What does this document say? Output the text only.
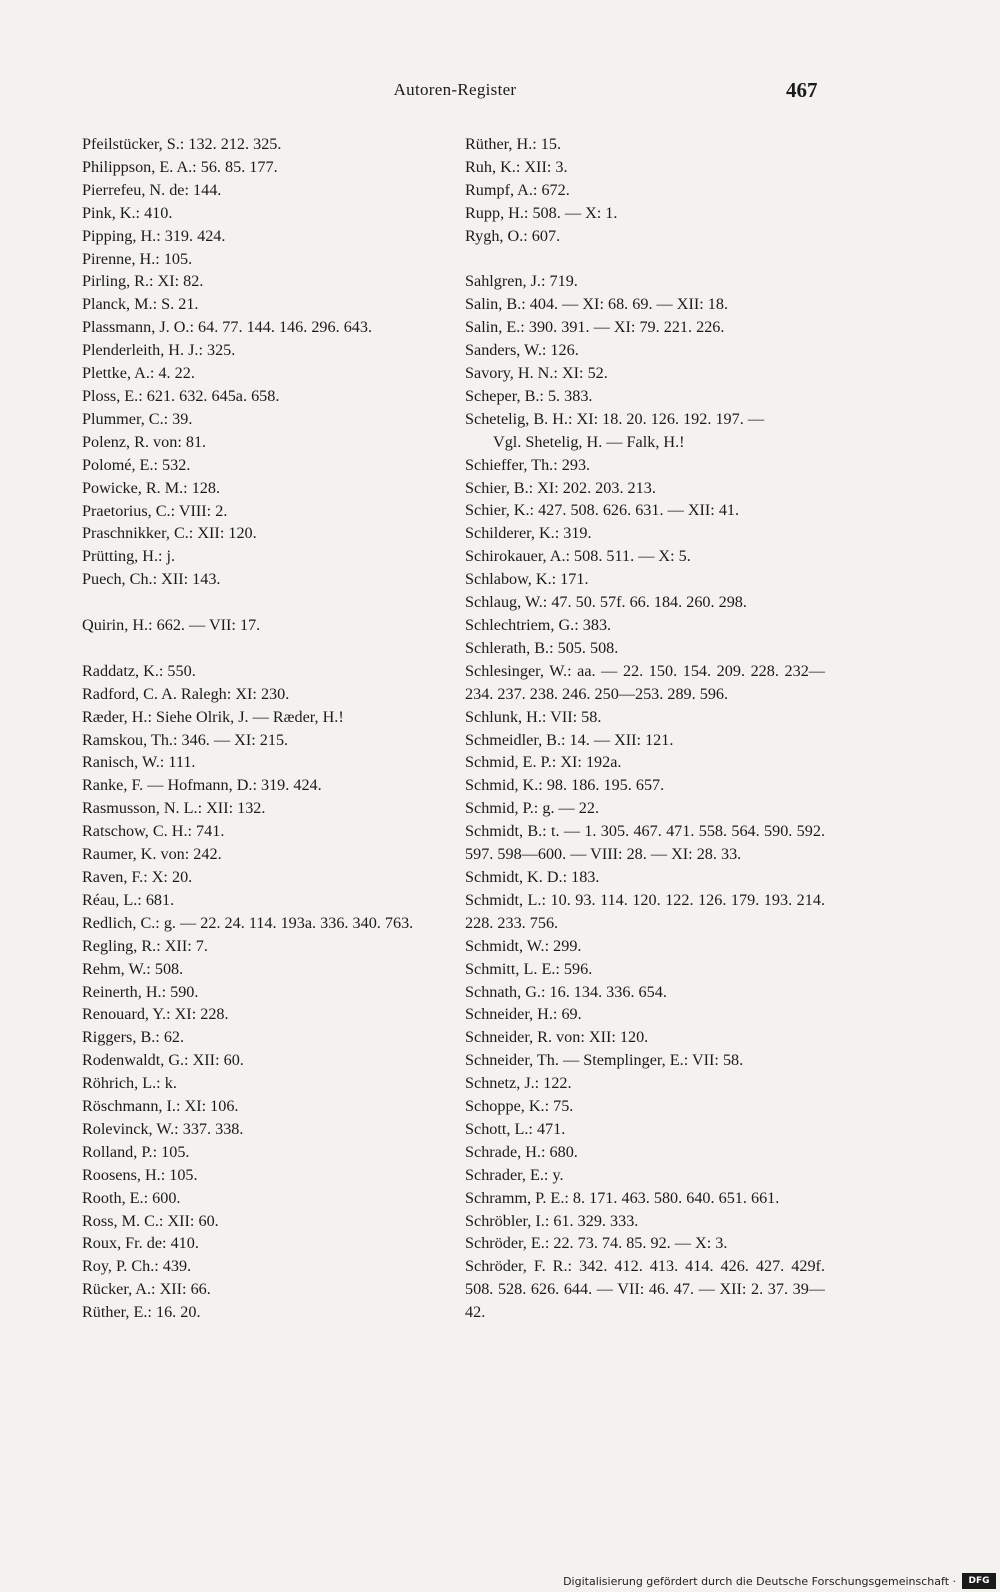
Autoren-Register	467
Pfeilstücker, S.: 132. 212. 325.
Philippson, E. A.: 56. 85. 177.
Pierrefeu, N. de: 144.
Pink, K.: 410.
Pipping, H.: 319. 424.
Pirenne, H.: 105.
Pirling, R.: XI: 82.
Planck, M.: S. 21.
Plassmann, J. O.: 64. 77. 144. 146. 296. 643.
Plenderleith, H. J.: 325.
Plettke, A.: 4. 22.
Ploss, E.: 621. 632. 645a. 658.
Plummer, C.: 39.
Polenz, R. von: 81.
Polomé, E.: 532.
Powicke, R. M.: 128.
Praetorius, C.: VIII: 2.
Praschnikker, C.: XII: 120.
Prütting, H.: j.
Puech, Ch.: XII: 143.
Quirin, H.: 662. — VII: 17.
Raddatz, K.: 550.
Radford, C. A. Ralegh: XI: 230.
Ræder, H.: Siehe Olrik, J. — Ræder, H.!
Ramskou, Th.: 346. — XI: 215.
Ranisch, W.: 111.
Ranke, F. — Hofmann, D.: 319. 424.
Rasmusson, N. L.: XII: 132.
Ratschow, C. H.: 741.
Raumer, K. von: 242.
Raven, F.: X: 20.
Réau, L.: 681.
Redlich, C.: g. — 22. 24. 114. 193a. 336. 340. 763.
Regling, R.: XII: 7.
Rehm, W.: 508.
Reinerth, H.: 590.
Renouard, Y.: XI: 228.
Riggers, B.: 62.
Rodenwaldt, G.: XII: 60.
Röhrich, L.: k.
Röschmann, I.: XI: 106.
Rolevinck, W.: 337. 338.
Rolland, P.: 105.
Roosens, H.: 105.
Rooth, E.: 600.
Ross, M. C.: XII: 60.
Roux, Fr. de: 410.
Roy, P. Ch.: 439.
Rücker, A.: XII: 66.
Rüther, E.: 16. 20.
Rüther, H.: 15.
Ruh, K.: XII: 3.
Rumpf, A.: 672.
Rupp, H.: 508. — X: 1.
Rygh, O.: 607.
Sahlgren, J.: 719.
Salin, B.: 404. — XI: 68. 69. — XII: 18.
Salin, E.: 390. 391. — XI: 79. 221. 226.
Sanders, W.: 126.
Savory, H. N.: XI: 52.
Scheper, B.: 5. 383.
Schetelig, B. H.: XI: 18. 20. 126. 192. 197. —
Vgl. Shetelig, H. — Falk, H.!
Schieffer, Th.: 293.
Schier, B.: XI: 202. 203. 213.
Schier, K.: 427. 508. 626. 631. — XII: 41.
Schilderer, K.: 319.
Schirokauer, A.: 508. 511. — X: 5.
Schlabow, K.: 171.
Schlaug, W.: 47. 50. 57f. 66. 184. 260. 298.
Schlechtriem, G.: 383.
Schlerath, B.: 505. 508.
Schlesinger, W.: aa. — 22. 150. 154. 209. 228. 232—234. 237. 238. 246. 250—253. 289. 596.
Schlunk, H.: VII: 58.
Schmeidler, B.: 14. — XII: 121.
Schmid, E. P.: XI: 192a.
Schmid, K.: 98. 186. 195. 657.
Schmid, P.: g. — 22.
Schmidt, B.: t. — 1. 305. 467. 471. 558. 564. 590. 592. 597. 598—600. — VIII: 28. — XI: 28. 33.
Schmidt, K. D.: 183.
Schmidt, L.: 10. 93. 114. 120. 122. 126. 179. 193. 214. 228. 233. 756.
Schmidt, W.: 299.
Schmitt, L. E.: 596.
Schnath, G.: 16. 134. 336. 654.
Schneider, H.: 69.
Schneider, R. von: XII: 120.
Schneider, Th. — Stemplinger, E.: VII: 58.
Schnetz, J.: 122.
Schoppe, K.: 75.
Schott, L.: 471.
Schrade, H.: 680.
Schrader, E.: y.
Schramm, P. E.: 8. 171. 463. 580. 640. 651. 661.
Schröbler, I.: 61. 329. 333.
Schröder, E.: 22. 73. 74. 85. 92. — X: 3.
Schröder, F. R.: 342. 412. 413. 414. 426. 427. 429f. 508. 528. 626. 644. — VII: 46. 47. — XII: 2. 37. 39—42.
Digitalisierung gefördert durch die Deutsche Forschungsgemeinschaft ·	DFG
